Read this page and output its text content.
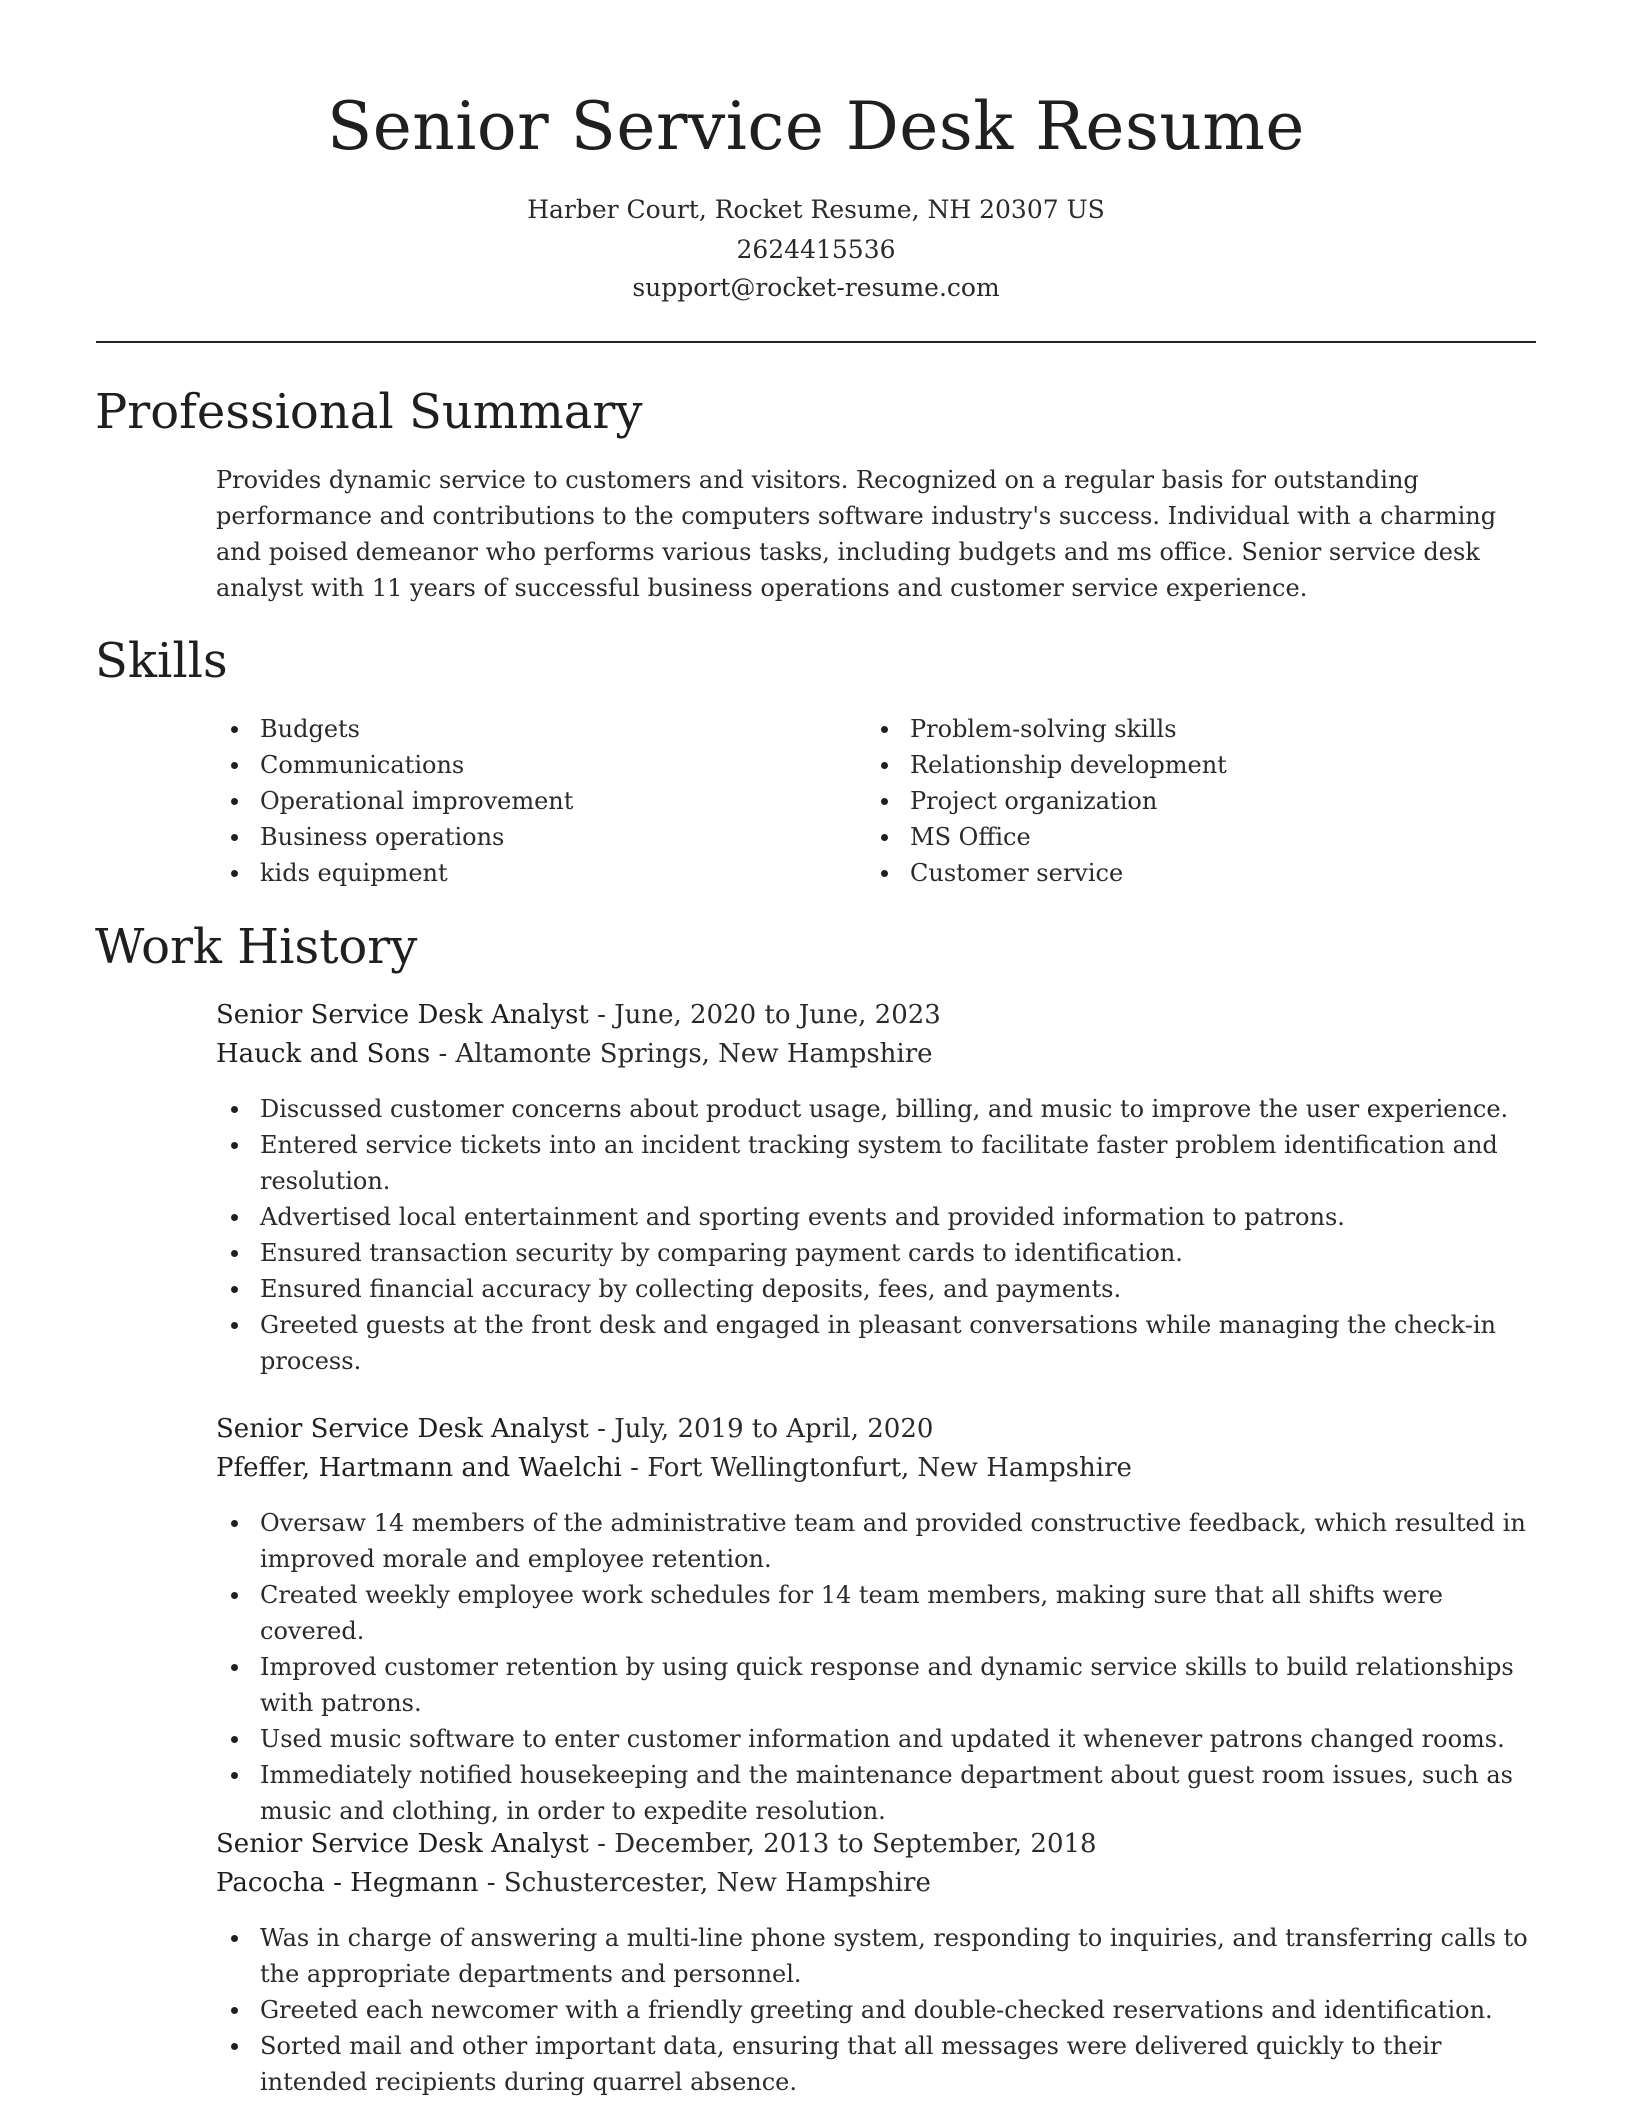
Senior Service Desk Resume
Harber Court, Rocket Resume, NH 20307 US
2624415536
support@rocket-resume.com
Professional Summary

Provides dynamic service to customers and visitors. Recognized on a regular basis for outstanding performance and contributions to the computers software industry's success. Individual with a charming and poised demeanor who performs various tasks, including budgets and ms office. Senior service desk analyst with 11 years of successful business operations and customer service experience.

Skills
Budgets
Communications
Operational improvement
Business operations
kids equipment
Problem-solving skills
Relationship development
Project organization
MS Office
Customer service
Work History
Senior Service Desk Analyst - June, 2020 to June, 2023
Hauck and Sons - Altamonte Springs, New Hampshire
Discussed customer concerns about product usage, billing, and music to improve the user experience.
Entered service tickets into an incident tracking system to facilitate faster problem identification and resolution.
Advertised local entertainment and sporting events and provided information to patrons.
Ensured transaction security by comparing payment cards to identification.
Ensured financial accuracy by collecting deposits, fees, and payments.
Greeted guests at the front desk and engaged in pleasant conversations while managing the check-in process.
Senior Service Desk Analyst - July, 2019 to April, 2020
Pfeffer, Hartmann and Waelchi - Fort Wellingtonfurt, New Hampshire
Oversaw 14 members of the administrative team and provided constructive feedback, which resulted in improved morale and employee retention.
Created weekly employee work schedules for 14 team members, making sure that all shifts were covered.
Improved customer retention by using quick response and dynamic service skills to build relationships with patrons.
Used music software to enter customer information and updated it whenever patrons changed rooms.
Immediately notified housekeeping and the maintenance department about guest room issues, such as music and clothing, in order to expedite resolution.
Senior Service Desk Analyst - December, 2013 to September, 2018
Pacocha - Hegmann - Schustercester, New Hampshire
Was in charge of answering a multi-line phone system, responding to inquiries, and transferring calls to the appropriate departments and personnel.
Greeted each newcomer with a friendly greeting and double-checked reservations and identification.
Sorted mail and other important data, ensuring that all messages were delivered quickly to their intended recipients during quarrel absence.
